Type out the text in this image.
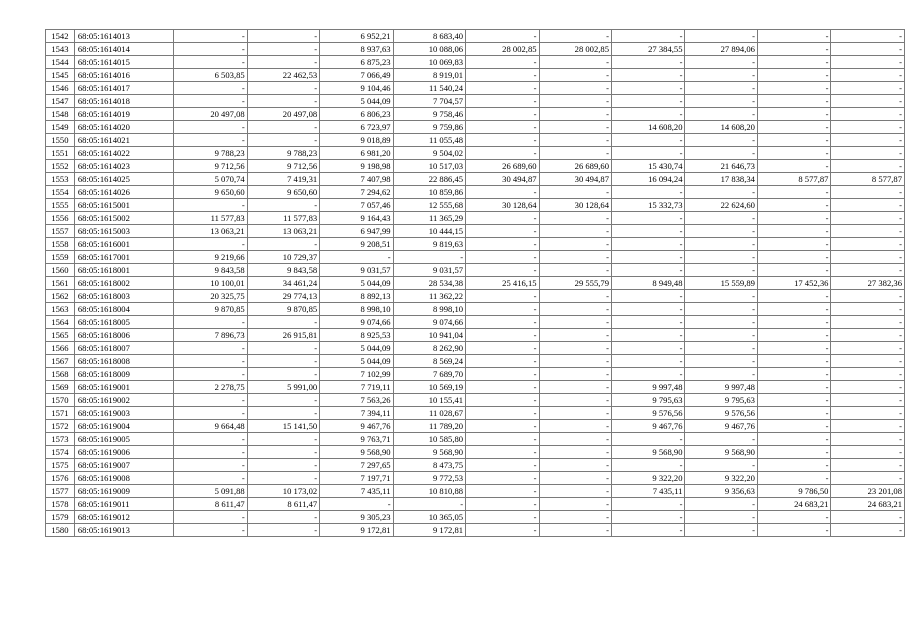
1542	68:05:1614013	-	-	6 952,21	8 683,40	-	-	-	-	-	-
1543	68:05:1614014	-	-	8 937,63	10 088,06	28 002,85	28 002,85	27 384,55	27 894,06	-	-
1544	68:05:1614015	-	-	6 875,23	10 069,83	-	-	-	-	-	-
1545	68:05:1614016	6 503,85	22 462,53	7 066,49	8 919,01	-	-	-	-	-	-
1546	68:05:1614017	-	-	9 104,46	11 540,24	-	-	-	-	-	-
1547	68:05:1614018	-	-	5 044,09	7 704,57	-	-	-	-	-	-
1548	68:05:1614019	20 497,08	20 497,08	6 806,23	9 758,46	-	-	-	-	-	-
1549	68:05:1614020	-	-	6 723,97	9 759,86	-	-	14 608,20	14 608,20	-	-
1550	68:05:1614021	-	-	9 018,89	11 055,48	-	-	-	-	-	-
1551	68:05:1614022	9 788,23	9 788,23	6 981,20	9 504,02	-	-	-	-	-	-
1552	68:05:1614023	9 712,56	9 712,56	9 198,98	10 517,03	26 689,60	26 689,60	15 430,74	21 646,73	-	-
1553	68:05:1614025	5 070,74	7 419,31	7 407,98	22 886,45	30 494,87	30 494,87	16 094,24	17 838,34	8 577,87	8 577,87
1554	68:05:1614026	9 650,60	9 650,60	7 294,62	10 859,86	-	-	-	-	-	-
1555	68:05:1615001	-	-	7 057,46	12 555,68	30 128,64	30 128,64	15 332,73	22 624,60	-	-
1556	68:05:1615002	11 577,83	11 577,83	9 164,43	11 365,29	-	-	-	-	-	-
1557	68:05:1615003	13 063,21	13 063,21	6 947,99	10 444,15	-	-	-	-	-	-
1558	68:05:1616001	-	-	9 208,51	9 819,63	-	-	-	-	-	-
1559	68:05:1617001	9 219,66	10 729,37	-	-	-	-	-	-	-	-
1560	68:05:1618001	9 843,58	9 843,58	9 031,57	9 031,57	-	-	-	-	-	-
1561	68:05:1618002	10 100,01	34 461,24	5 044,09	28 534,38	25 416,15	29 555,79	8 949,48	15 559,89	17 452,36	27 382,36
1562	68:05:1618003	20 325,75	29 774,13	8 892,13	11 362,22	-	-	-	-	-	-
1563	68:05:1618004	9 870,85	9 870,85	8 998,10	8 998,10	-	-	-	-	-	-
1564	68:05:1618005	-	-	9 074,66	9 074,66	-	-	-	-	-	-
1565	68:05:1618006	7 896,73	26 915,81	8 925,53	10 941,04	-	-	-	-	-	-
1566	68:05:1618007	-	-	5 044,09	8 262,90	-	-	-	-	-	-
1567	68:05:1618008	-	-	5 044,09	8 569,24	-	-	-	-	-	-
1568	68:05:1618009	-	-	7 102,99	7 689,70	-	-	-	-	-	-
1569	68:05:1619001	2 278,75	5 991,00	7 719,11	10 569,19	-	-	9 997,48	9 997,48	-	-
1570	68:05:1619002	-	-	7 563,26	10 155,41	-	-	9 795,63	9 795,63	-	-
1571	68:05:1619003	-	-	7 394,11	11 028,67	-	-	9 576,56	9 576,56	-	-
1572	68:05:1619004	9 664,48	15 141,50	9 467,76	11 789,20	-	-	9 467,76	9 467,76	-	-
1573	68:05:1619005	-	-	9 763,71	10 585,80	-	-	-	-	-	-
1574	68:05:1619006	-	-	9 568,90	9 568,90	-	-	9 568,90	9 568,90	-	-
1575	68:05:1619007	-	-	7 297,65	8 473,75	-	-	-	-	-	-
1576	68:05:1619008	-	-	7 197,71	9 772,53	-	-	9 322,20	9 322,20	-	-
1577	68:05:1619009	5 091,88	10 173,02	7 435,11	10 810,88	-	-	7 435,11	9 356,63	9 786,50	23 201,08
1578	68:05:1619011	8 611,47	8 611,47	-	-	-	-	-	-	24 683,21	24 683,21
1579	68:05:1619012	-	-	9 305,23	10 365,05	-	-	-	-	-	-
1580	68:05:1619013	-	-	9 172,81	9 172,81	-	-	-	-	-	-
